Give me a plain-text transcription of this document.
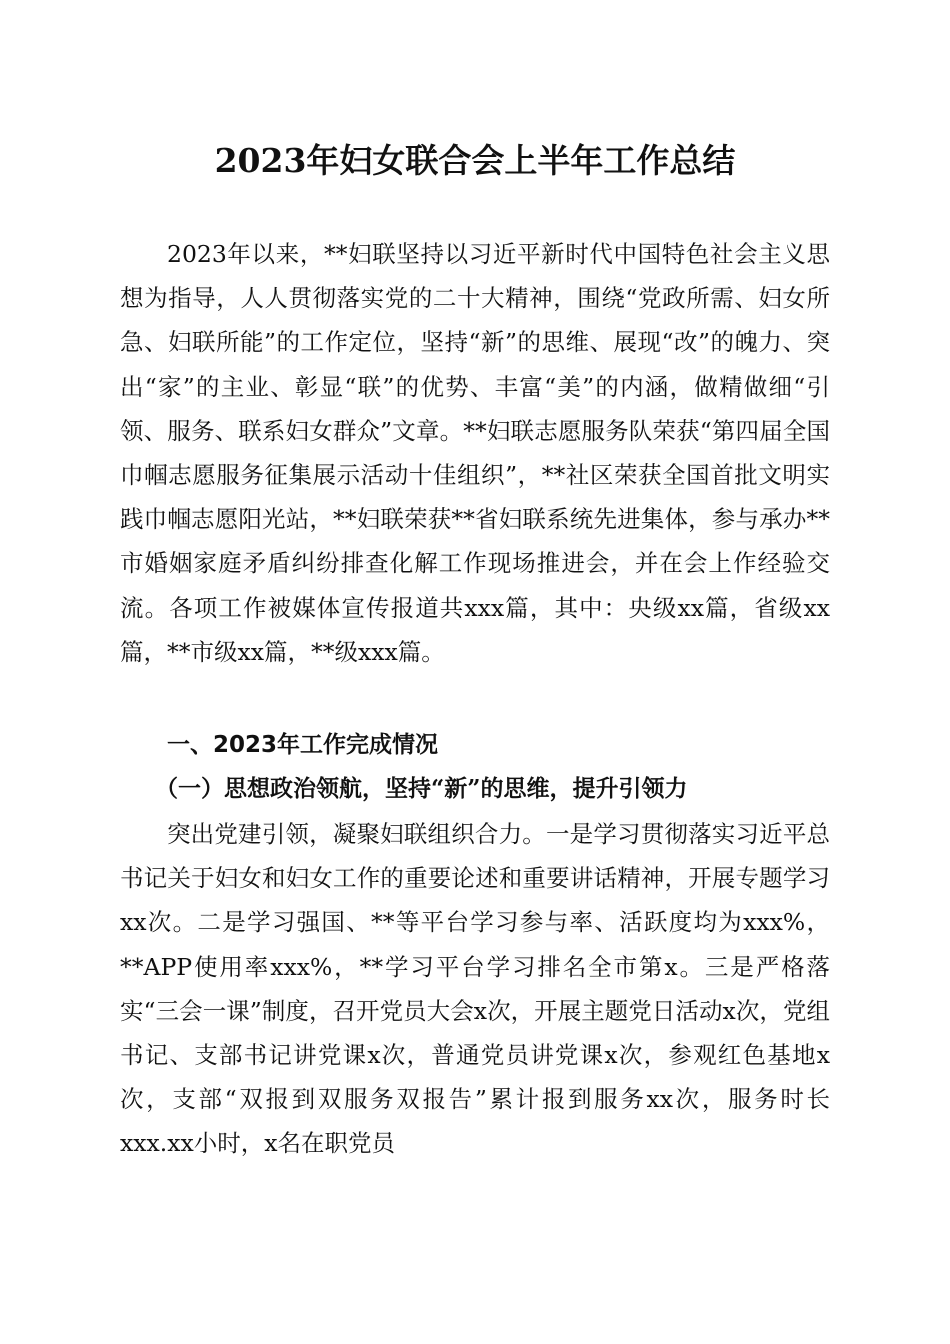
2023年妇女联合会上半年工作总结

2023年以来，**妇联坚持以习近平新时代中国特色社会主义思想为指导，人人贯彻落实党的二十大精神，围绕“党政所需、妇女所急、妇联所能”的工作定位，坚持“新”的思维、展现“改”的魄力、突出“家”的主业、彰显“联”的优势、丰富“美”的内涵，做精做细“引领、服务、联系妇女群众”文章。**妇联志愿服务队荣获“第四届全国巾帼志愿服务征集展示活动十佳组织”，**社区荣获全国首批文明实践巾帼志愿阳光站，**妇联荣获**省妇联系统先进集体，参与承办**市婚姻家庭矛盾纠纷排查化解工作现场推进会，并在会上作经验交流。各项工作被媒体宣传报道共xxx篇，其中：央级xx篇，省级xx篇，**市级xx篇，**级xxx篇。

一、2023年工作完成情况
（一）思想政治领航，坚持“新”的思维，提升引领力

突出党建引领，凝聚妇联组织合力。一是学习贯彻落实习近平总书记关于妇女和妇女工作的重要论述和重要讲话精神，开展专题学习xx次。二是学习强国、**等平台学习参与率、活跃度均为xxx%，**APP使用率xxx%，**学习平台学习排名全市第x。三是严格落实“三会一课”制度，召开党员大会x次，开展主题党日活动x次，党组书记、支部书记讲党课x次，普通党员讲党课x次，参观红色基地x次，支部“双报到双服务双报告”累计报到服务xx次，服务时长xxx.xx小时，x名在职党员
